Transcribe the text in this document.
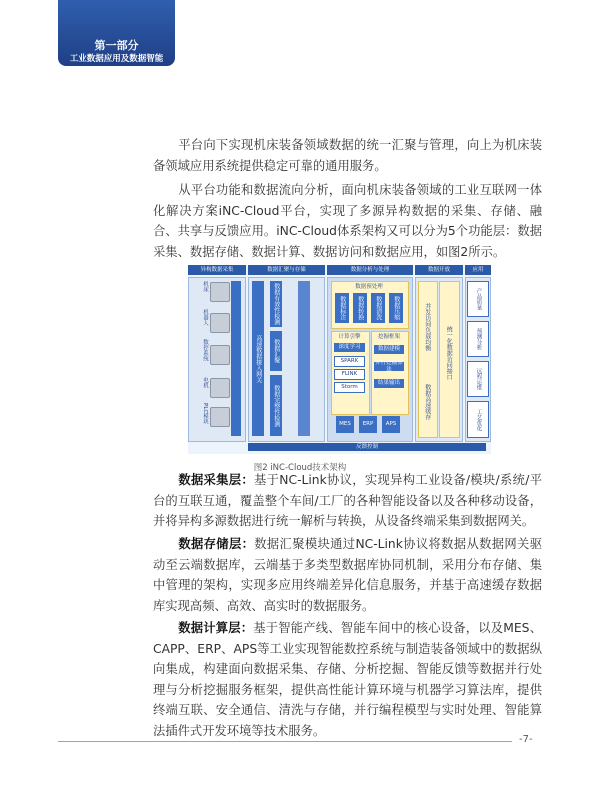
第一部分
工业数据应用及数据智能

平台向下实现机床装备领域数据的统一汇聚与管理，向上为机床装备领域应用系统提供稳定可靠的通用服务。

从平台功能和数据流向分析，面向机床装备领域的工业互联网一体化解决方案iNC-Cloud平台，实现了多源异构数据的采集、存储、融合、共享与反馈应用。iNC-Cloud体系架构又可以分为5个功能层：数据采集、数据存储、数据计算、数据访问和数据应用，如图2所示。

异构数据采集	数据汇聚与存储	数据分析与处理	数据开放	应用
机床
机器人
数控系统
电机
PLC模块
高速数据接入网关
数据有效性检测
数据汇聚
数据完整性检测
数据预处理
数据标注	数据转换	数据清洗	数据压缩
计算引擎
深度学习
SPARK
FLINK
Storm
挖掘框架
数据建模
并行挖掘算法
结果输出
MES	ERP	APS
并发访问负载均衡
数据高速缓存
统一化数据访问接口
产品质量
预测分析
远程运维
工艺优化
反馈控制
图2 iNC-Cloud技术架构

数据采集层：基于NC-Link协议，实现异构工业设备/模块/系统/平台的互联互通，覆盖整个车间/工厂的各种智能设备以及各种移动设备，并将异构多源数据进行统一解析与转换，从设备终端采集到数据网关。

数据存储层：数据汇聚模块通过NC-Link协议将数据从数据网关驱动至云端数据库，云端基于多类型数据库协同机制，采用分布存储、集中管理的架构，实现多应用终端差异化信息服务，并基于高速缓存数据库实现高频、高效、高实时的数据服务。

数据计算层：基于智能产线、智能车间中的核心设备，以及MES、CAPP、ERP、APS等工业实现智能数控系统与制造装备领域中的数据纵向集成，构建面向数据采集、存储、分析挖掘、智能反馈等数据并行处理与分析挖掘服务框架，提供高性能计算环境与机器学习算法库，提供终端互联、安全通信、清洗与存储，并行编程模型与实时处理、智能算法插件式开发环境等技术服务。

-7-
